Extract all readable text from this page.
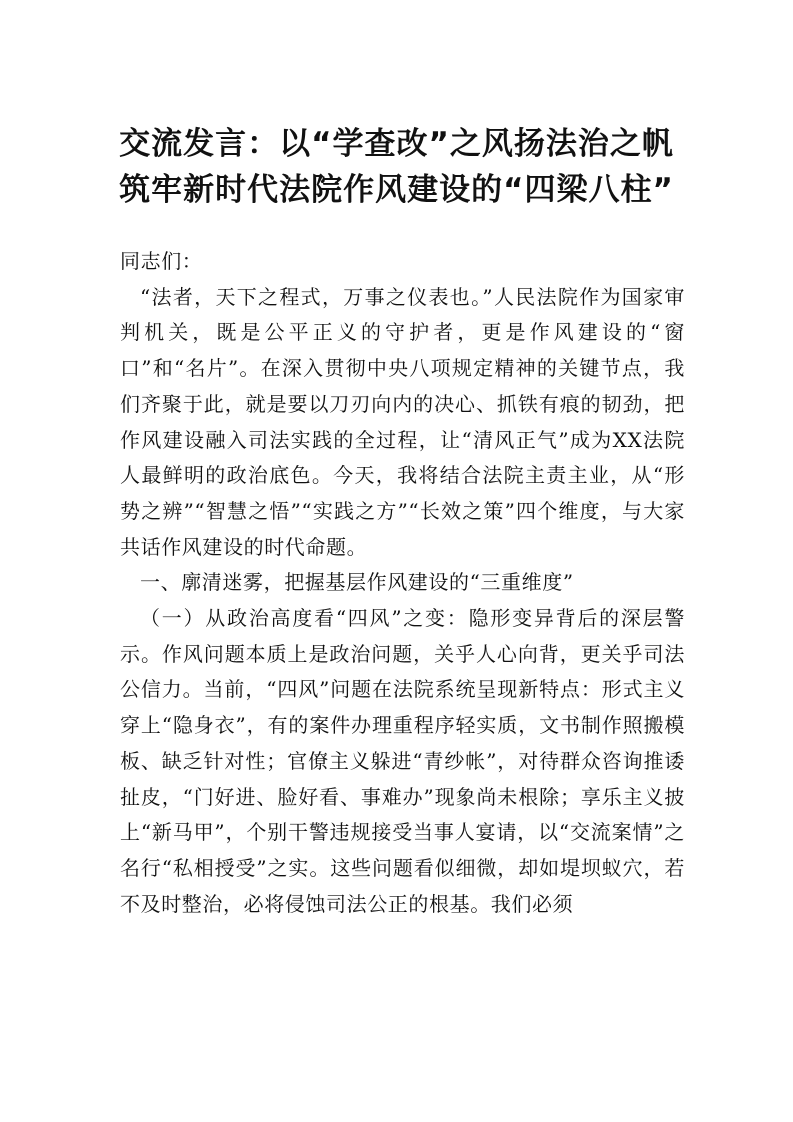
交流发言：以“学查改”之风扬法治之帆
筑牢新时代法院作风建设的“四梁八柱”

同志们：

“法者，天下之程式，万事之仪表也。”人民法院作为国家审判机关，既是公平正义的守护者，更是作风建设的“窗口”和“名片”。在深入贯彻中央八项规定精神的关键节点，我们齐聚于此，就是要以刀刃向内的决心、抓铁有痕的韧劲，把作风建设融入司法实践的全过程，让“清风正气”成为XX法院人最鲜明的政治底色。今天，我将结合法院主责主业，从“形势之辨”“智慧之悟”“实践之方”“长效之策”四个维度，与大家共话作风建设的时代命题。

一、廓清迷雾，把握基层作风建设的“三重维度”

（一）从政治高度看“四风”之变：隐形变异背后的深层警示。作风问题本质上是政治问题，关乎人心向背，更关乎司法公信力。当前，“四风”问题在法院系统呈现新特点：形式主义穿上“隐身衣”，有的案件办理重程序轻实质，文书制作照搬模板、缺乏针对性；官僚主义躲进“青纱帐”，对待群众咨询推诿扯皮，“门好进、脸好看、事难办”现象尚未根除；享乐主义披上“新马甲”，个别干警违规接受当事人宴请，以“交流案情”之名行“私相授受”之实。这些问题看似细微，却如堤坝蚁穴，若不及时整治，必将侵蚀司法公正的根基。我们必须
